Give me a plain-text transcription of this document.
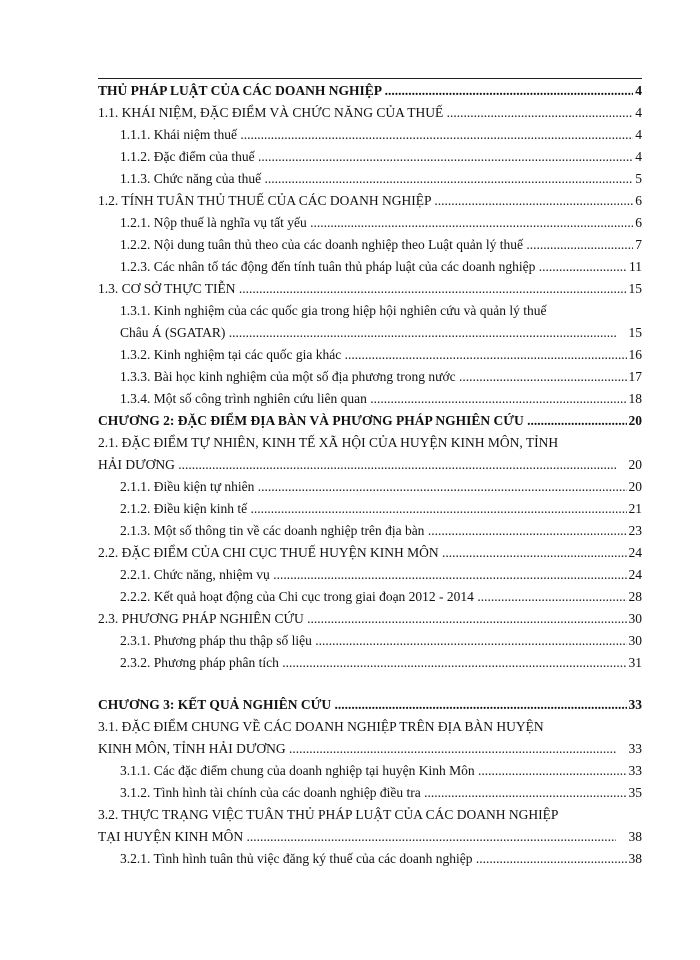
THỦ PHÁP LUẬT CỦA CÁC DOANH NGHIỆP .....	4
1.1. KHÁI NIỆM, ĐẶC ĐIỂM VÀ CHỨC NĂNG CỦA THUẾ .....	4
1.1.1. Khái niệm thuế .....	4
1.1.2. Đặc điểm của thuế .....	4
1.1.3. Chức năng của thuế .....	5
1.2. TÍNH TUÂN THỦ THUẾ CỦA CÁC DOANH NGHIỆP .....	6
1.2.1. Nộp thuế là nghĩa vụ tất yếu .....	6
1.2.2. Nội dung tuân thủ theo của các doanh nghiệp theo Luật quản lý thuế .....	7
1.2.3. Các nhân tố tác động đến tính tuân thủ pháp luật của các doanh nghiệp .....	11
1.3. CƠ SỞ THỰC TIỄN .....	15
1.3.1. Kinh nghiệm của các quốc gia trong hiệp hội nghiên cứu và quản lý thuế
Châu Á (SGATAR) .....	15
1.3.2. Kinh nghiệm tại các quốc gia khác .....	16
1.3.3. Bài học kinh nghiệm của một số địa phương trong nước .....	17
1.3.4. Một số công trình nghiên cứu liên quan .....	18
CHƯƠNG 2: ĐẶC ĐIỂM ĐỊA BÀN VÀ PHƯƠNG PHÁP NGHIÊN CỨU .....	20
2.1. ĐẶC ĐIỂM TỰ NHIÊN, KINH TẾ XÃ HỘI CỦA HUYỆN KINH MÔN, TỈNH
HẢI DƯƠNG .....	20
2.1.1. Điều kiện tự nhiên .....	20
2.1.2. Điều kiện kinh tế .....	21
2.1.3. Một số thông tin về các doanh nghiệp trên địa bàn .....	23
2.2. ĐẶC ĐIỂM CỦA CHI CỤC THUẾ HUYỆN KINH MÔN .....	24
2.2.1. Chức năng, nhiệm vụ .....	24
2.2.2. Kết quả hoạt động của Chi cục trong giai đoạn 2012 - 2014 .....	28
2.3. PHƯƠNG PHÁP NGHIÊN CỨU .....	30
2.3.1. Phương pháp thu thập số liệu .....	30
2.3.2. Phương pháp phân tích .....	31
CHƯƠNG 3: KẾT QUẢ NGHIÊN CỨU .....	33
3.1. ĐẶC ĐIỂM CHUNG VỀ CÁC DOANH NGHIỆP TRÊN ĐỊA BÀN HUYỆN
KINH MÔN, TỈNH HẢI DƯƠNG .....	33
3.1.1. Các đặc điểm chung của doanh nghiệp tại huyện Kinh Môn .....	33
3.1.2. Tình hình tài chính của các doanh nghiệp điều tra .....	35
3.2. THỰC TRẠNG VIỆC TUÂN THỦ PHÁP LUẬT CỦA CÁC DOANH NGHIỆP
TẠI HUYỆN KINH MÔN .....	38
3.2.1. Tình hình tuân thủ việc đăng ký thuế của các doanh nghiệp .....	38
